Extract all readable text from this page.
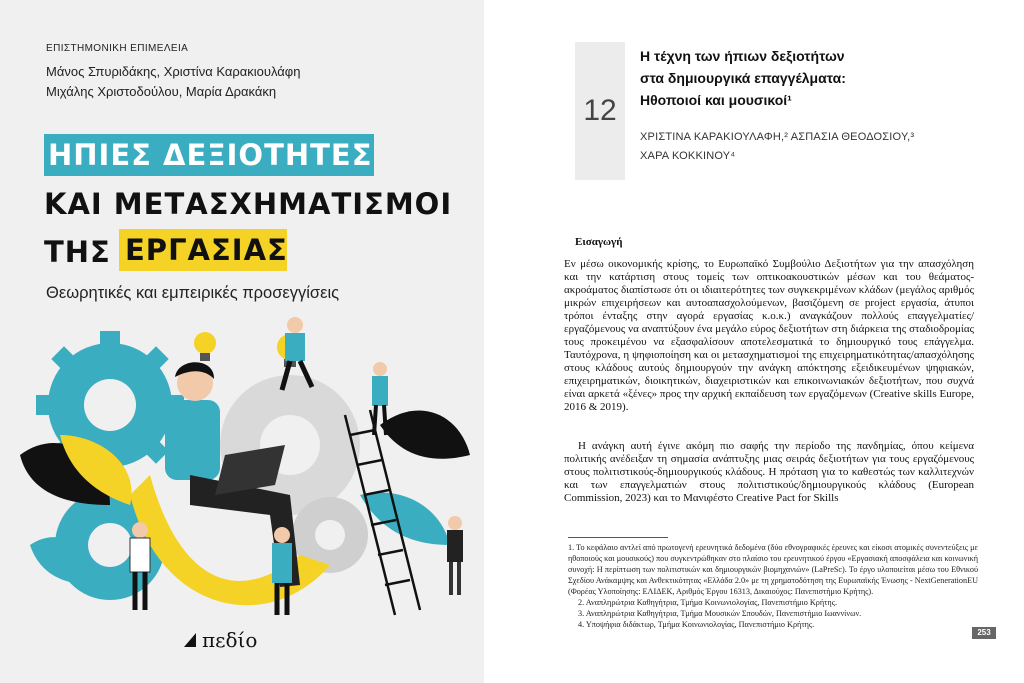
ΕΠΙΣΤΗΜΟΝΙΚΗ ΕΠΙΜΕΛΕΙΑ
Μάνος Σπυριδάκης, Χριστίνα Καρακιουλάφη
Μιχάλης Χριστοδούλου, Μαρία Δρακάκη
ΗΠΙΕΣ ΔΕΞΙΟΤΗΤΕΣ
ΚΑΙ ΜΕΤΑΣΧΗΜΑΤΙΣΜΟΙ
ΤΗΣ ΕΡΓΑΣΙΑΣ
Θεωρητικές και εμπειρικές προσεγγίσεις
πεδίο
12
Η τέχνη των ήπιων δεξιοτήτων
στα δημιουργικά επαγγέλματα:
Ηθοποιοί και μουσικοί¹
ΧΡΙΣΤΙΝΑ ΚΑΡΑΚΙΟΥΛΑΦΗ,² ΑΣΠΑΣΙΑ ΘΕΟΔΟΣΙΟΥ,³
ΧΑΡΑ ΚΟΚΚΙΝΟΥ⁴
Εισαγωγή
Εν μέσω οικονομικής κρίσης, το Ευρωπαϊκό Συμβούλιο Δεξιοτήτων για την απασχόληση και την κατάρτιση στους τομείς των οπτικοακουστικών μέσων και του θεάματος-ακροάματος διαπίστωσε ότι οι ιδιαιτερότητες των συγκεκριμένων κλάδων (μεγάλος αριθμός μικρών επιχειρήσεων και αυτοαπασχολούμενων, βασιζόμενη σε project εργασία, άτυποι τρόποι ένταξης στην αγορά εργασίας κ.ο.κ.) αναγκάζουν πολλούς επαγγελματίες/εργαζόμενους να αναπτύξουν ένα μεγάλο εύρος δεξιοτήτων στη διάρκεια της σταδιοδρομίας τους προκειμένου να εξασφαλίσουν αποτελεσματικά το δημιουργικό τους επάγγελμα. Ταυτόχρονα, η ψηφιοποίηση και οι μετασχηματισμοί της επιχειρηματικότητας/απασχόλησης στους κλάδους αυτούς δημιουργούν την ανάγκη απόκτησης εξειδικευμένων ψηφιακών, επιχειρηματικών, διοικητικών, διαχειριστικών και επικοινωνιακών δεξιοτήτων, που συχνά είναι αρκετά «ξένες» προς την αρχική εκπαίδευση των εργαζόμενων (Creative skills Europe, 2016 & 2019).
Η ανάγκη αυτή έγινε ακόμη πιο σαφής την περίοδο της πανδημίας, όπου κείμενα πολιτικής ανέδειξαν τη σημασία ανάπτυξης μιας σειράς δεξιοτήτων για τους εργαζόμενους στους πολιτιστικούς-δημιουργικούς κλάδους. Η πρόταση για το καθεστώς των καλλιτεχνών και των επαγγελματιών στους πολιτιστικούς/δημιουργικούς κλάδους (European Commission, 2023) και το Μανιφέστο Creative Pact for Skills
1. Το κεφάλαιο αντλεί από πρωτογενή ερευνητικά δεδομένα (δύο εθνογραφικές έρευνες και είκοσι ατομικές συνεντεύξεις με ηθοποιούς και μουσικούς) που συγκεντρώθηκαν στο πλαίσιο του ερευνητικού έργου «Εργασιακή αποσφάλεια και κοινωνική συνοχή: Η περίπτωση των πολιτιστικών και δημιουργικών βιομηχανιών» (LaPreSc). Το έργο υλοποιείται μέσω του Εθνικού Σχεδίου Ανάκαμψης και Ανθεκτικότητας «Ελλάδα 2.0» με τη χρηματοδότηση της Ευρωπαϊκής Ένωσης - NextGenerationEU (Φορέας Υλοποίησης: ΕΛΙΔΕΚ, Αριθμός Έργου 16313, Δικαιούχος: Πανεπιστήμιο Κρήτης).
2. Αναπληρώτρια Καθηγήτρια, Τμήμα Κοινωνιολογίας, Πανεπιστήμιο Κρήτης.
3. Αναπληρώτρια Καθηγήτρια, Τμήμα Μουσικών Σπουδών, Πανεπιστήμιο Ιωαννίνων.
4. Υποψήφια διδάκτωρ, Τμήμα Κοινωνιολογίας, Πανεπιστήμιο Κρήτης.
253
